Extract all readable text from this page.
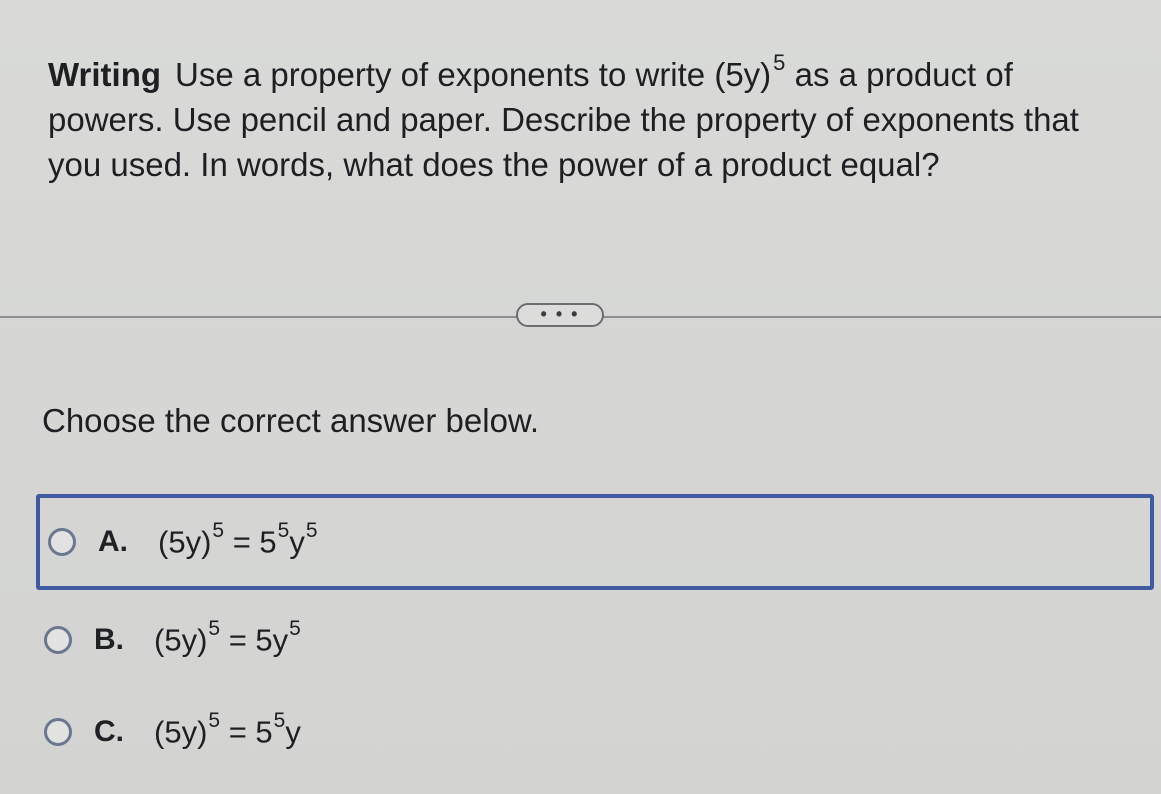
Writing Use a property of exponents to write $(5y)^5$ as a product of powers. Use pencil and paper. Describe the property of exponents that you used. In words, what does the power of a product equal?
• • •
Choose the correct answer below.
A. $(5y)^5 = 5^5y^5$
B. $(5y)^5 = 5y^5$
C. $(5y)^5 = 5^5y$
